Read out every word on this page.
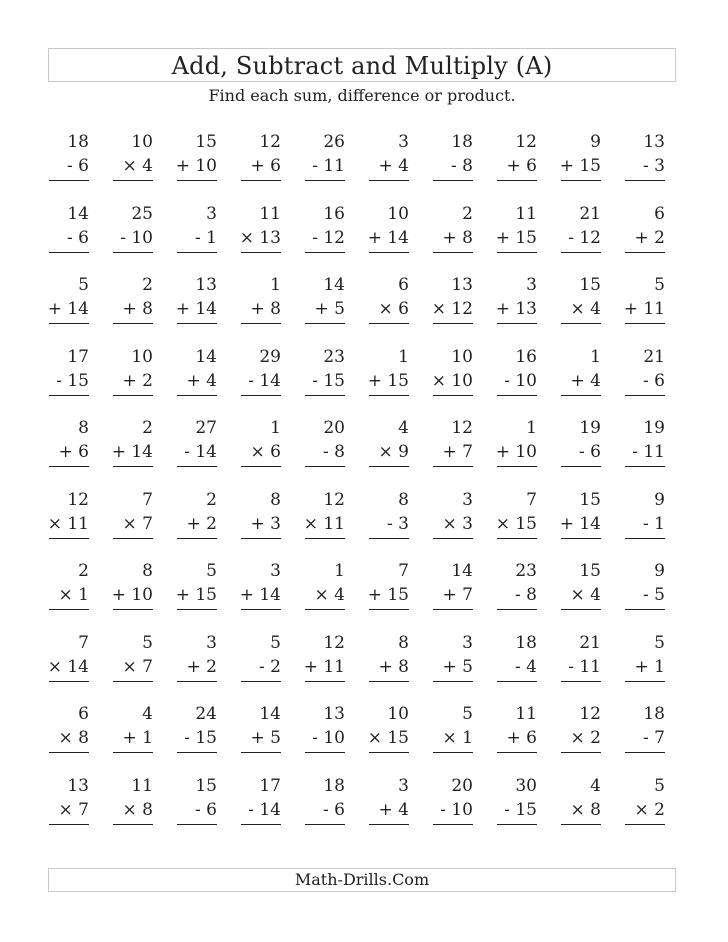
Add, Subtract and Multiply (A)
Find each sum, difference or product.
18
- 6
10
× 4
15
+ 10
12
+ 6
26
- 11
3
+ 4
18
- 8
12
+ 6
9
+ 15
13
- 3
14
- 6
25
- 10
3
- 1
11
× 13
16
- 12
10
+ 14
2
+ 8
11
+ 15
21
- 12
6
+ 2
5
+ 14
2
+ 8
13
+ 14
1
+ 8
14
+ 5
6
× 6
13
× 12
3
+ 13
15
× 4
5
+ 11
17
- 15
10
+ 2
14
+ 4
29
- 14
23
- 15
1
+ 15
10
× 10
16
- 10
1
+ 4
21
- 6
8
+ 6
2
+ 14
27
- 14
1
× 6
20
- 8
4
× 9
12
+ 7
1
+ 10
19
- 6
19
- 11
12
× 11
7
× 7
2
+ 2
8
+ 3
12
× 11
8
- 3
3
× 3
7
× 15
15
+ 14
9
- 1
2
× 1
8
+ 10
5
+ 15
3
+ 14
1
× 4
7
+ 15
14
+ 7
23
- 8
15
× 4
9
- 5
7
× 14
5
× 7
3
+ 2
5
- 2
12
+ 11
8
+ 8
3
+ 5
18
- 4
21
- 11
5
+ 1
6
× 8
4
+ 1
24
- 15
14
+ 5
13
- 10
10
× 15
5
× 1
11
+ 6
12
× 2
18
- 7
13
× 7
11
× 8
15
- 6
17
- 14
18
- 6
3
+ 4
20
- 10
30
- 15
4
× 8
5
× 2
Math-Drills.Com
